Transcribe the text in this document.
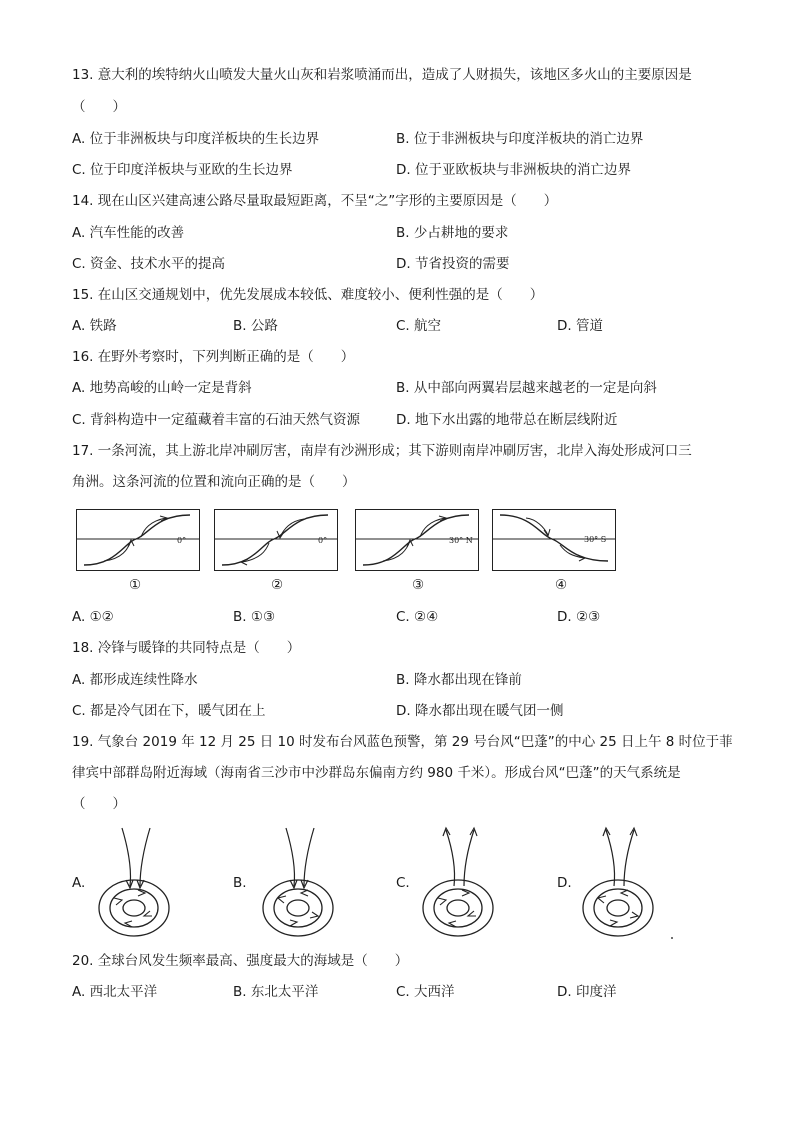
13. 意大利的埃特纳火山喷发大量火山灰和岩浆喷涌而出，造成了人财损失，该地区多火山的主要原因是
（　　）
A. 位于非洲板块与印度洋板块的生长边界	B. 位于非洲板块与印度洋板块的消亡边界
C. 位于印度洋板块与亚欧的生长边界	D. 位于亚欧板块与非洲板块的消亡边界
14. 现在山区兴建高速公路尽量取最短距离，不呈“之”字形的主要原因是（　　）
A. 汽车性能的改善	B. 少占耕地的要求
C. 资金、技术水平的提高	D. 节省投资的需要
15. 在山区交通规划中，优先发展成本较低、难度较小、便利性强的是（　　）
A. 铁路	B. 公路	C. 航空	D. 管道
16. 在野外考察时，下列判断正确的是（　　）
A. 地势高峻的山岭一定是背斜	B. 从中部向两翼岩层越来越老的一定是向斜
C. 背斜构造中一定蕴藏着丰富的石油天然气资源	D. 地下水出露的地带总在断层线附近
17. 一条河流，其上游北岸冲刷厉害，南岸有沙洲形成；其下游则南岸冲刷厉害，北岸入海处形成河口三
角洲。这条河流的位置和流向正确的是（　　）
0°
①
0°
②
30° N
③
30° S
④
A. ①②	B. ①③	C. ②④	D. ②③
18. 冷锋与暖锋的共同特点是（　　）
A. 都形成连续性降水	B. 降水都出现在锋前
C. 都是冷气团在下，暖气团在上	D. 降水都出现在暖气团一侧
19. 气象台 2019 年 12 月 25 日 10 时发布台风蓝色预警，第 29 号台风“巴蓬”的中心 25 日上午 8 时位于菲
律宾中部群岛附近海域（海南省三沙市中沙群岛东偏南方约 980 千米）。形成台风“巴蓬”的天气系统是
（　　）
A.	B.	C.	D.
20. 全球台风发生频率最高、强度最大的海域是（　　）
A. 西北太平洋	B. 东北太平洋	C. 大西洋	D. 印度洋
